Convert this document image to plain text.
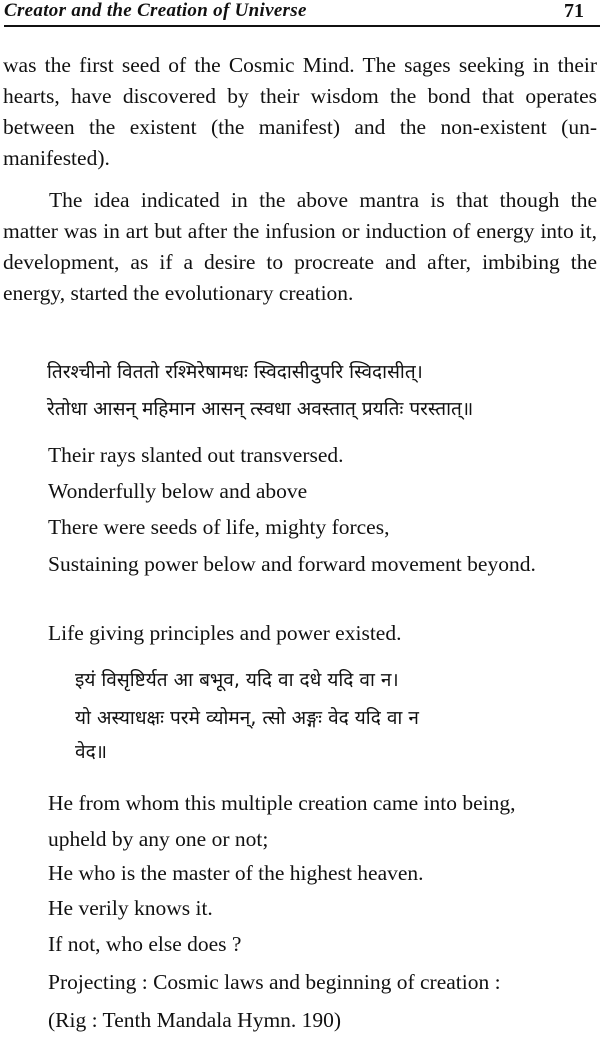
Creator and the Creation of Universe	71

was the first seed of the Cosmic Mind. The sages seeking in their hearts, have discovered by their wisdom the bond that operates between the existent (the manifest) and the non-existent (un-manifested).

The idea indicated in the above mantra is that though the matter was in art but after the infusion or induction of energy into it, development, as if a desire to procreate and after, imbibing the energy, started the evolutionary creation.

तिरश्चीनो विततो रश्मिरेषामधः स्विदासीदुपरि स्विदासीत्।

रेतोधा आसन् महिमान आसन् त्स्वधा अवस्तात् प्रयतिः परस्तात्॥

Their rays slanted out transversed.

Wonderfully below and above

There were seeds of life, mighty forces,

Sustaining power below and forward movement beyond.

Life giving principles and power existed.

इयं विसृष्टिर्यत आ बभूव, यदि वा दधे यदि वा न।

यो अस्याधक्षः परमे व्योमन्, त्सो अङ्गः वेद यदि वा न

वेद॥

He from whom this multiple creation came into being,

upheld by any one or not;

He who is the master of the highest heaven.

He verily knows it.

If not, who else does ?

Projecting : Cosmic laws and beginning of creation :

(Rig : Tenth Mandala Hymn. 190)
